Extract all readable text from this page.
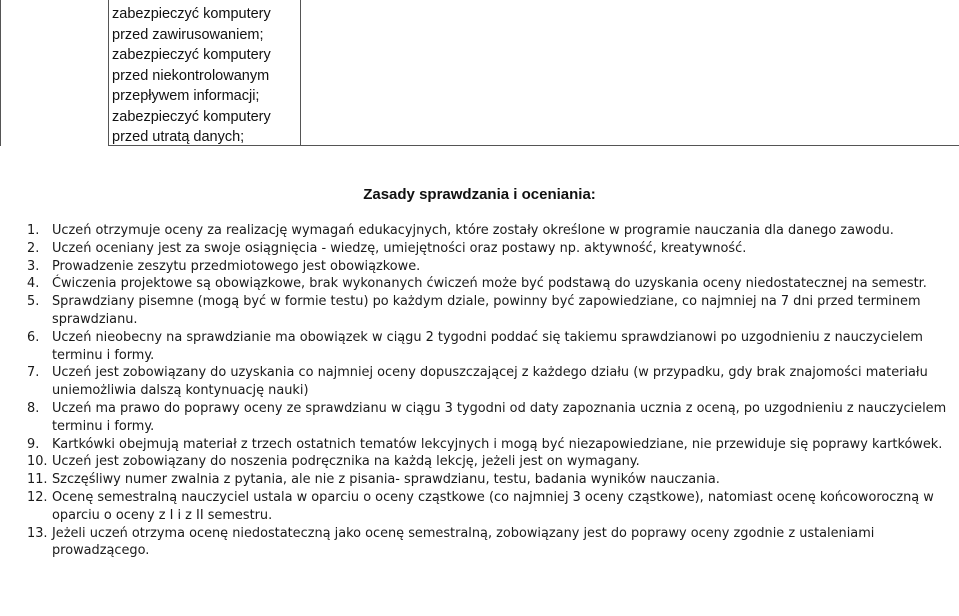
zabezpieczyć komputery
przed zawirusowaniem;
zabezpieczyć komputery
przed niekontrolowanym
przepływem informacji;
zabezpieczyć komputery
przed utratą danych;
Zasady sprawdzania i oceniania:
1. Uczeń otrzymuje oceny za realizację wymagań edukacyjnych, które zostały określone w programie nauczania dla danego zawodu.
2. Uczeń oceniany jest za swoje osiągnięcia - wiedzę, umiejętności oraz postawy np. aktywność, kreatywność.
3. Prowadzenie zeszytu przedmiotowego jest obowiązkowe.
4. Ćwiczenia projektowe są obowiązkowe, brak wykonanych ćwiczeń może być podstawą do uzyskania oceny niedostatecznej na semestr.
5. Sprawdziany pisemne (mogą być w formie testu) po każdym dziale, powinny być zapowiedziane, co najmniej na 7 dni przed terminem sprawdzianu.
6. Uczeń nieobecny na sprawdzianie ma obowiązek w ciągu 2 tygodni poddać się takiemu sprawdzianowi po uzgodnieniu z nauczycielem terminu i formy.
7. Uczeń jest zobowiązany do uzyskania co najmniej oceny dopuszczającej z każdego działu (w przypadku, gdy brak znajomości materiału uniemożliwia dalszą kontynuację nauki)
8. Uczeń ma prawo do poprawy oceny ze sprawdzianu w ciągu 3 tygodni od daty zapoznania ucznia z oceną, po uzgodnieniu z nauczycielem terminu i formy.
9. Kartkówki obejmują materiał z trzech ostatnich tematów lekcyjnych i mogą być niezapowiedziane, nie przewiduje się poprawy kartkówek.
10. Uczeń jest zobowiązany do noszenia podręcznika na każdą lekcję, jeżeli jest on wymagany.
11. Szczęśliwy numer zwalnia z pytania, ale nie z pisania- sprawdzianu, testu, badania wyników nauczania.
12. Ocenę semestralną nauczyciel ustala w oparciu o oceny cząstkowe (co najmniej 3 oceny cząstkowe), natomiast ocenę końcoworoczną w oparciu o oceny z I i z II semestru.
13. Jeżeli uczeń otrzyma ocenę niedostateczną jako ocenę semestralną, zobowiązany jest do poprawy oceny zgodnie z ustaleniami prowadzącego.
